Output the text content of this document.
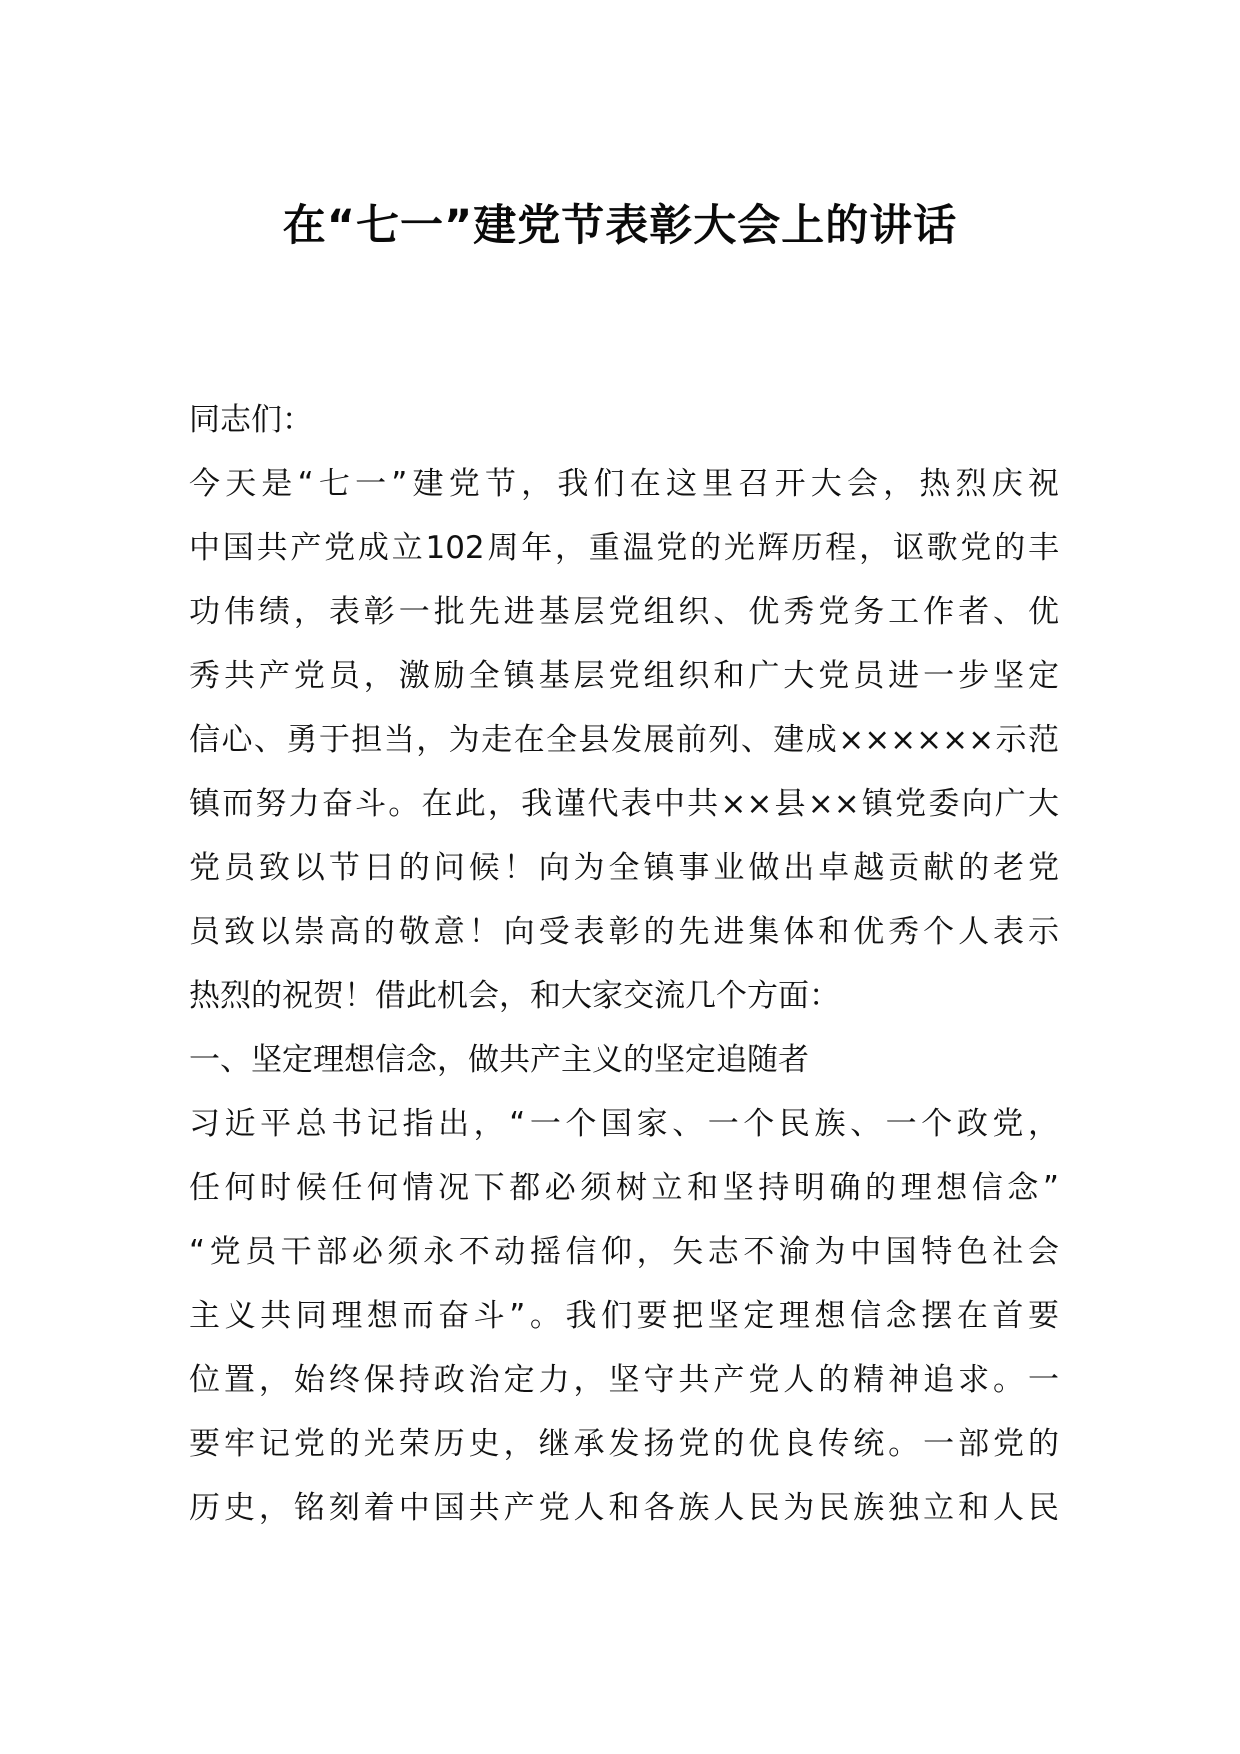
在“七一”建党节表彰大会上的讲话
同志们：
今天是“七一”建党节，我们在这里召开大会，热烈庆祝
中国共产党成立102周年，重温党的光辉历程，讴歌党的丰
功伟绩，表彰一批先进基层党组织、优秀党务工作者、优
秀共产党员，激励全镇基层党组织和广大党员进一步坚定
信心、勇于担当，为走在全县发展前列、建成××××××示范
镇而努力奋斗。在此，我谨代表中共××县××镇党委向广大
党员致以节日的问候！向为全镇事业做出卓越贡献的老党
员致以崇高的敬意！向受表彰的先进集体和优秀个人表示
热烈的祝贺！借此机会，和大家交流几个方面：
一、坚定理想信念，做共产主义的坚定追随者
习近平总书记指出，“一个国家、一个民族、一个政党，
任何时候任何情况下都必须树立和坚持明确的理想信念”
“党员干部必须永不动摇信仰，矢志不渝为中国特色社会
主义共同理想而奋斗”。我们要把坚定理想信念摆在首要
位置，始终保持政治定力，坚守共产党人的精神追求。一
要牢记党的光荣历史，继承发扬党的优良传统。一部党的
历史，铭刻着中国共产党人和各族人民为民族独立和人民
